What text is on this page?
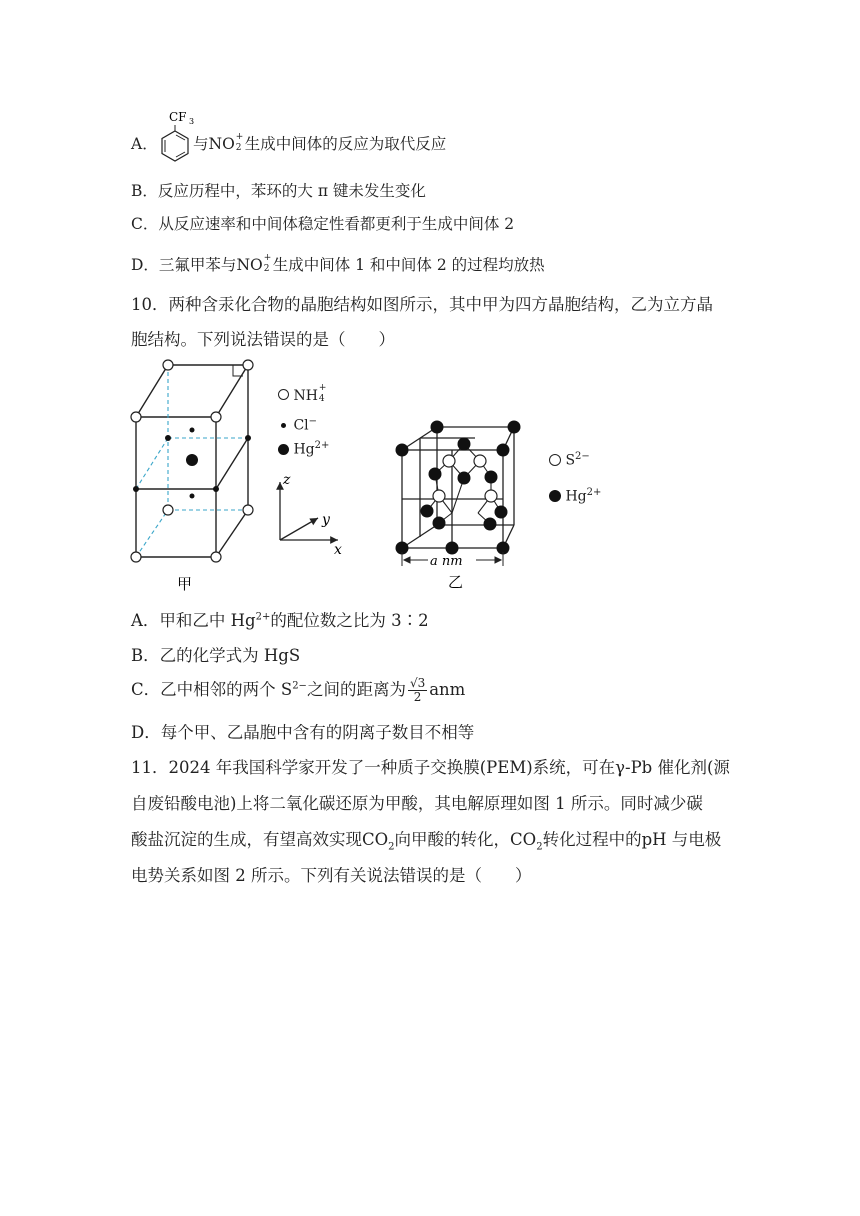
A．
CF 3
与NO +
2 生成中间体的反应为取代反应
B．反应历程中，苯环的大 π 键未发生变化
C．从反应速率和中间体稳定性看都更利于生成中间体 2
D．三氟甲苯与NO +
2 生成中间体 1 和中间体 2 的过程均放热
10．两种含汞化合物的晶胞结构如图所示，其中甲为四方晶胞结构，乙为立方晶
胞结构。下列说法错误的是（　　）
甲
NH +
4
Cl−
$Hg^{2+}$
z
y
x
a nm
乙
$S^{2-}$
$Hg^{2+}$
A．甲和乙中 $Hg^{2+}$的配位数之比为 3∶2
B．乙的化学式为 HgS
C．乙中相邻的两个 $S^{2-}$之间的距离为 $\frac{√3}{2}$ anm
D．每个甲、乙晶胞中含有的阴离子数目不相等
11．2024 年我国科学家开发了一种质子交换膜(PEM)系统，可在γ-Pb 催化剂(源
自废铅酸电池)上将二氧化碳还原为甲酸，其电解原理如图 1 所示。同时减少碳
酸盐沉淀的生成，有望高效实现$CO_2$向甲酸的转化，$CO_2$转化过程中的pH 与电极
电势关系如图 2 所示。下列有关说法错误的是（　　）
